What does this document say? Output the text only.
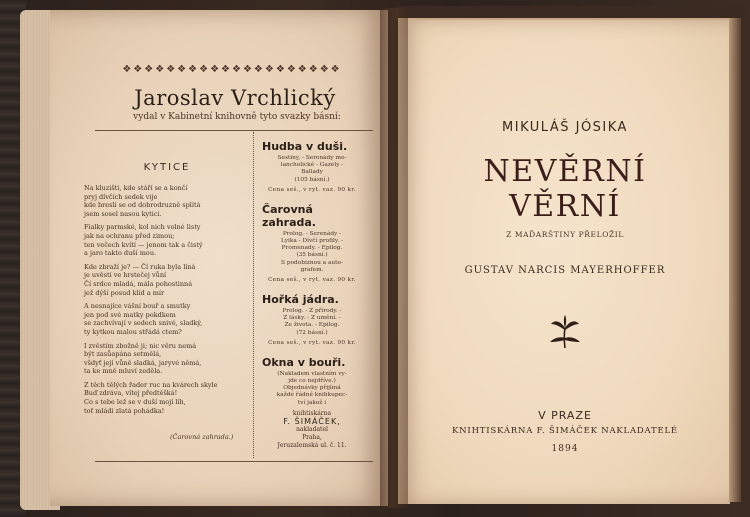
❖❖❖❖❖❖❖❖❖❖❖❖❖❖❖❖❖❖❖❖
Jaroslav Vrchlický
vydal v Kabinetní knihovně tyto svazky básní:
KYTICE

Na kluzišti, kde stáří se a končí
pryj dívčích sedek vije
kde breslí se od dobrodruzně splítá
jsem sosel nasou kytici.

Fialky parmské, kol nich volné listy
jak na ochranu před zimou;
ten večech kvítí — jenom tak a čistý
a jaro takto duší mou.

Kde zbraží je? — Čí ruka byla líná
je uvěsti ve hrstečej vůní
Čí srdce mladá, mála pohostinná
jež dýší posud klíd a mír

A nesnajíce vášní bouř a smutky
jen pod své matky pokdkem
se zachvívají v sedech snivé, sladký,
ty kytkou malou střádá ctem?

I zvěstím zbožně ji; nic věru nemá
být zasůapána setmělá,
všdyť její vůně sladká, jaryvé němá,
ta ke mně mluví zeděla.

Z těch tělých řader ruc na kvárech skyle
Buď zdráva, vítej předtěšká!
Co s tebe lež se v duší mojí líh,
toť mládi zlatá pohádka!

(Čarovná zahrada.)
Hudba v duši.
Sestiny, - Serenády mo-
lancholické - Gazely -
Ballady
(105 básní.)
Cena seš., v ryt. vaz. 90 kr.
Čarovná zahrada.
Prolog. - Serenády -
Lyika - Dívčí profily. -
Promenady. - Epilog.
(35 básní.)
S podobiznou a auto-
grafem.
Cena seš., v ryt. vaz. 90 kr.
Hořká jádra.
Prolog. - Z přírody. -
Z lásky. - Z umění. -
Ze života. - Epilog.
(72 básní.)
Cena seš., v ryt. vaz. 90 kr.
Okna v bouři.
(Nakladem vlastním vy-
jde co nejdříve.)
Objednávky přijímá
každé řádné knihkupec-
tví jakož i
knihtiskárna
F. ŠIMÁČEK,
nakladatel
Praha,
Jeruzalemská ul. č. 11.
MIKULÁŠ JÓSIKA
NEVĚRNÍ VĚRNÍ
Z MAĎARŠTINY PŘELOŽIL
GUSTAV NARCIS MAYERHOFFER
V PRAZE
KNIHTISKÁRNA F. ŠIMÁČEK NAKLADATELÉ
1894
